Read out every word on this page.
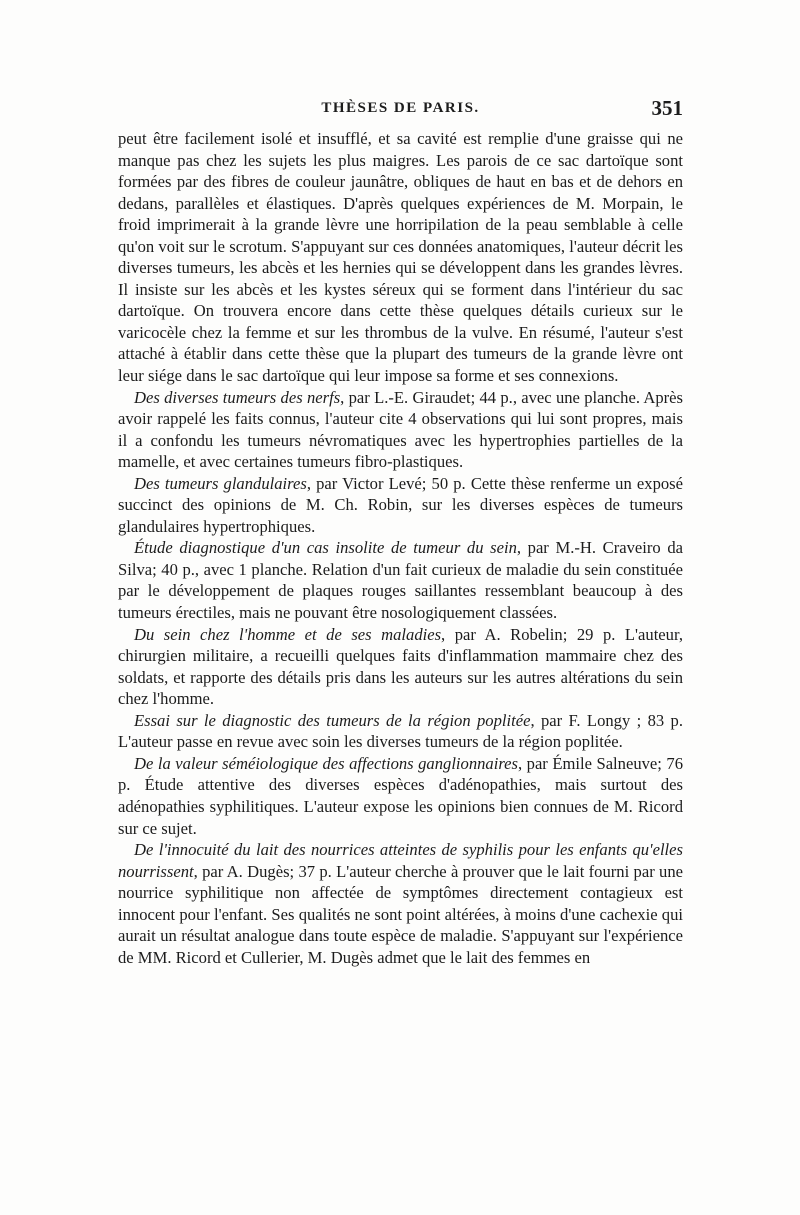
THÈSES DE PARIS.	351

peut être facilement isolé et insufflé, et sa cavité est remplie d'une graisse qui ne manque pas chez les sujets les plus maigres. Les parois de ce sac dartoïque sont formées par des fibres de couleur jaunâtre, obliques de haut en bas et de dehors en dedans, parallèles et élastiques. D'après quelques expériences de M. Morpain, le froid imprimerait à la grande lèvre une horripilation de la peau semblable à celle qu'on voit sur le scrotum. S'appuyant sur ces données anatomiques, l'auteur décrit les diverses tumeurs, les abcès et les hernies qui se développent dans les grandes lèvres. Il insiste sur les abcès et les kystes séreux qui se forment dans l'intérieur du sac dartoïque. On trouvera encore dans cette thèse quelques détails curieux sur le varicocèle chez la femme et sur les thrombus de la vulve. En résumé, l'auteur s'est attaché à établir dans cette thèse que la plupart des tumeurs de la grande lèvre ont leur siége dans le sac dartoïque qui leur impose sa forme et ses connexions.

Des diverses tumeurs des nerfs, par L.-E. Giraudet; 44 p., avec une planche. Après avoir rappelé les faits connus, l'auteur cite 4 observations qui lui sont propres, mais il a confondu les tumeurs névromatiques avec les hypertrophies partielles de la mamelle, et avec certaines tumeurs fibro-plastiques.

Des tumeurs glandulaires, par Victor Levé; 50 p. Cette thèse renferme un exposé succinct des opinions de M. Ch. Robin, sur les diverses espèces de tumeurs glandulaires hypertrophiques.

Étude diagnostique d'un cas insolite de tumeur du sein, par M.-H. Craveiro da Silva; 40 p., avec 1 planche. Relation d'un fait curieux de maladie du sein constituée par le développement de plaques rouges saillantes ressemblant beaucoup à des tumeurs érectiles, mais ne pouvant être nosologiquement classées.

Du sein chez l'homme et de ses maladies, par A. Robelin; 29 p. L'auteur, chirurgien militaire, a recueilli quelques faits d'inflammation mammaire chez des soldats, et rapporte des détails pris dans les auteurs sur les autres altérations du sein chez l'homme.

Essai sur le diagnostic des tumeurs de la région poplitée, par F. Longy ; 83 p. L'auteur passe en revue avec soin les diverses tumeurs de la région poplitée.

De la valeur séméiologique des affections ganglionnaires, par Émile Salneuve; 76 p. Étude attentive des diverses espèces d'adénopathies, mais surtout des adénopathies syphilitiques. L'auteur expose les opinions bien connues de M. Ricord sur ce sujet.

De l'innocuité du lait des nourrices atteintes de syphilis pour les enfants qu'elles nourrissent, par A. Dugès; 37 p. L'auteur cherche à prouver que le lait fourni par une nourrice syphilitique non affectée de symptômes directement contagieux est innocent pour l'enfant. Ses qualités ne sont point altérées, à moins d'une cachexie qui aurait un résultat analogue dans toute espèce de maladie. S'appuyant sur l'expérience de MM. Ricord et Cullerier, M. Dugès admet que le lait des femmes en
